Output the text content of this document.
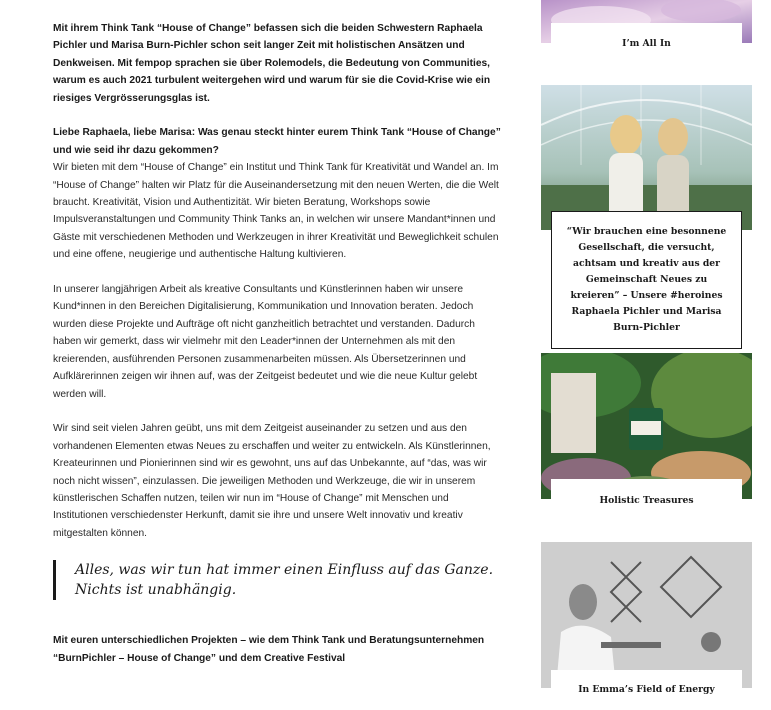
Mit ihrem Think Tank “House of Change” befassen sich die beiden Schwestern Raphaela Pichler und Marisa Burn-Pichler schon seit langer Zeit mit holistischen Ansätzen und Denkweisen. Mit fempop sprachen sie über Rolemodels, die Bedeutung von Communities, warum es auch 2021 turbulent weitergehen wird und warum für sie die Covid-Krise wie ein riesiges Vergrösserungsglas ist.

Liebe Raphaela, liebe Marisa: Was genau steckt hinter eurem Think Tank “House of Change” und wie seid ihr dazu gekommen?

Wir bieten mit dem “House of Change” ein Institut und Think Tank für Kreativität und Wandel an. Im “House of Change” halten wir Platz für die Auseinandersetzung mit den neuen Werten, die die Welt braucht. Kreativität, Vision und Authentizität. Wir bieten Beratung, Workshops sowie Impulsveranstaltungen und Community Think Tanks an, in welchen wir unsere Mandant*innen und Gäste mit verschiedenen Methoden und Werkzeugen in ihrer Kreativität und Beweglichkeit schulen und eine offene, neugierige und authentische Haltung kultivieren.

In unserer langjährigen Arbeit als kreative Consultants und Künstlerinnen haben wir unsere Kund*innen in den Bereichen Digitalisierung, Kommunikation und Innovation beraten. Jedoch wurden diese Projekte und Aufträge oft nicht ganzheitlich betrachtet und verstanden. Dadurch haben wir gemerkt, dass wir vielmehr mit den Leader*innen der Unternehmen als mit den kreierenden, ausführenden Personen zusammenarbeiten müssen. Als Übersetzerinnen und Aufklärerinnen zeigen wir ihnen auf, was der Zeitgeist bedeutet und wie die neue Kultur gelebt werden will.

Wir sind seit vielen Jahren geübt, uns mit dem Zeitgeist auseinander zu setzen und aus den vorhandenen Elementen etwas Neues zu erschaffen und weiter zu entwickeln. Als Künstlerinnen, Kreateurinnen und Pionierinnen sind wir es gewohnt, uns auf das Unbekannte, auf “das, was wir noch nicht wissen”, einzulassen. Die jeweiligen Methoden und Werkzeuge, die wir in unserem künstlerischen Schaffen nutzen, teilen wir nun im “House of Change” mit Menschen und Institutionen verschiedenster Herkunft, damit sie ihre und unsere Welt innovativ und kreativ mitgestalten können.

Alles, was wir tun hat immer einen Einfluss auf das Ganze. Nichts ist unabhängig.

Mit euren unterschiedlichen Projekten – wie dem Think Tank und Beratungsunternehmen “BurnPichler – House of Change” und dem Creative Festival

I’m All In
“Wir brauchen eine besonnene Gesellschaft, die versucht, achtsam und kreativ aus der Gemeinschaft Neues zu kreieren” – Unsere #heroines Raphaela Pichler und Marisa Burn-Pichler
Holistic Treasures
In Emma’s Field of Energy
